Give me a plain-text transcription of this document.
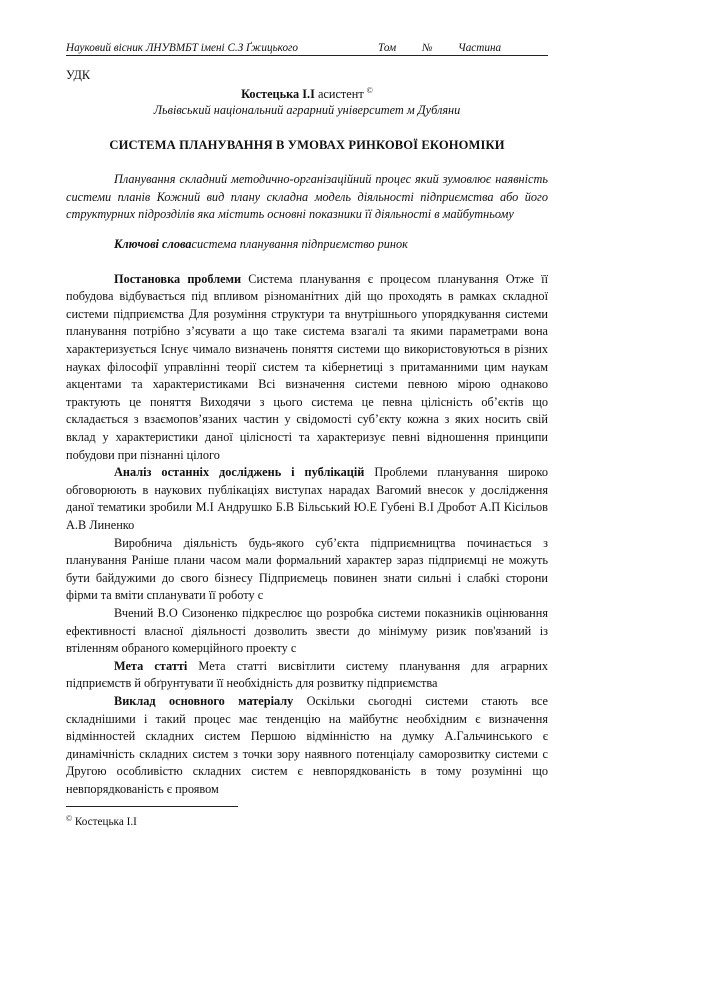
Науковий вісник ЛНУВМБТ імені С.З Ґжицького	Том № Частина
УДК
Костецька І.І асистент ©
Львівський національний аграрний університет м Дубляни
СИСТЕМА ПЛАНУВАННЯ В УМОВАХ РИНКОВОЇ ЕКОНОМІКИ

Планування складний методично-організаційний процес який зумовлює наявність системи планів Кожний вид плану складна модель діяльності підприємства або його структурних підрозділів яка містить основні показники її діяльності в майбутньому

Ключові словасистема планування підприємство ринок

Постановка проблеми Система планування є процесом планування Отже її побудова відбувається під впливом різноманітних дій що проходять в рамках складної системи підприємства Для розуміння структури та внутрішнього упорядкування системи планування потрібно з’ясувати а що таке система взагалі та якими параметрами вона характеризується Існує чимало визначень поняття системи що використовуються в різних науках філософії управлінні теорії систем та кібернетиці з притаманними цим наукам акцентами та характеристиками Всі визначення системи певною мірою однаково трактують це поняття Виходячи з цього система це певна цілісність об’єктів що складається з взаємопов’язаних частин у свідомості суб’єкту кожна з яких носить свій вклад у характеристики даної цілісності та характеризує певні відношення принципи побудови при пізнанні цілого

Аналіз останніх досліджень і публікацій Проблеми планування широко обговорюють в наукових публікаціях виступах нарадах Вагомий внесок у дослідження даної тематики зробили М.І Андрушко Б.В Більський Ю.Е Губені В.І Дробот А.П Кісільов А.В Линенко

Виробнича діяльність будь-якого суб’єкта підприємництва починається з планування Раніше плани часом мали формальний характер зараз підприємці не можуть бути байдужими до свого бізнесу Підприємець повинен знати сильні і слабкі сторони фірми та вміти спланувати її роботу с

Вчений В.О Сизоненко підкреслює що розробка системи показників оцінювання ефективності власної діяльності дозволить звести до мінімуму ризик пов'язаний із втіленням обраного комерційного проекту с

Мета статті Мета статті висвітлити систему планування для аграрних підприємств й обґрунтувати її необхідність для розвитку підприємства

Виклад основного матеріалу Оскільки сьогодні системи стають все складнішими і такий процес має тенденцію на майбутнє необхідним є визначення відмінностей складних систем Першою відмінністю на думку А.Гальчинського є динамічність складних систем з точки зору наявного потенціалу саморозвитку системи с Другою особливістю складних систем є невпорядкованість в тому розумінні що невпорядкованість є проявом

© Костецька І.І
